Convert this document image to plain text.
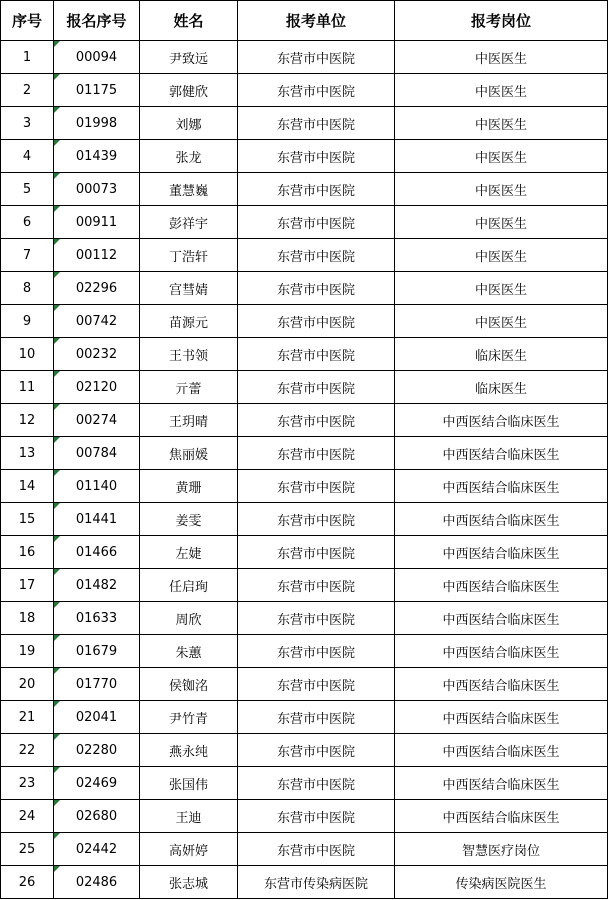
序号	报名序号	姓名	报考单位	报考岗位
1	00094	尹致远	东营市中医院	中医医生
2	01175	郭健欣	东营市中医院	中医医生
3	01998	刘娜	东营市中医院	中医医生
4	01439	张龙	东营市中医院	中医医生
5	00073	董慧巍	东营市中医院	中医医生
6	00911	彭祥宇	东营市中医院	中医医生
7	00112	丁浩轩	东营市中医院	中医医生
8	02296	宫彗婧	东营市中医院	中医医生
9	00742	苗源元	东营市中医院	中医医生
10	00232	王书领	东营市中医院	临床医生
11	02120	亓蕾	东营市中医院	临床医生
12	00274	王玥晴	东营市中医院	中西医结合临床医生
13	00784	焦丽媛	东营市中医院	中西医结合临床医生
14	01140	黄珊	东营市中医院	中西医结合临床医生
15	01441	姜雯	东营市中医院	中西医结合临床医生
16	01466	左婕	东营市中医院	中西医结合临床医生
17	01482	任启珣	东营市中医院	中西医结合临床医生
18	01633	周欣	东营市中医院	中西医结合临床医生
19	01679	朱蕙	东营市中医院	中西医结合临床医生
20	01770	侯铷洺	东营市中医院	中西医结合临床医生
21	02041	尹竹青	东营市中医院	中西医结合临床医生
22	02280	燕永纯	东营市中医院	中西医结合临床医生
23	02469	张国伟	东营市中医院	中西医结合临床医生
24	02680	王迪	东营市中医院	中西医结合临床医生
25	02442	高妍婷	东营市中医院	智慧医疗岗位
26	02486	张志城	东营市传染病医院	传染病医院医生
